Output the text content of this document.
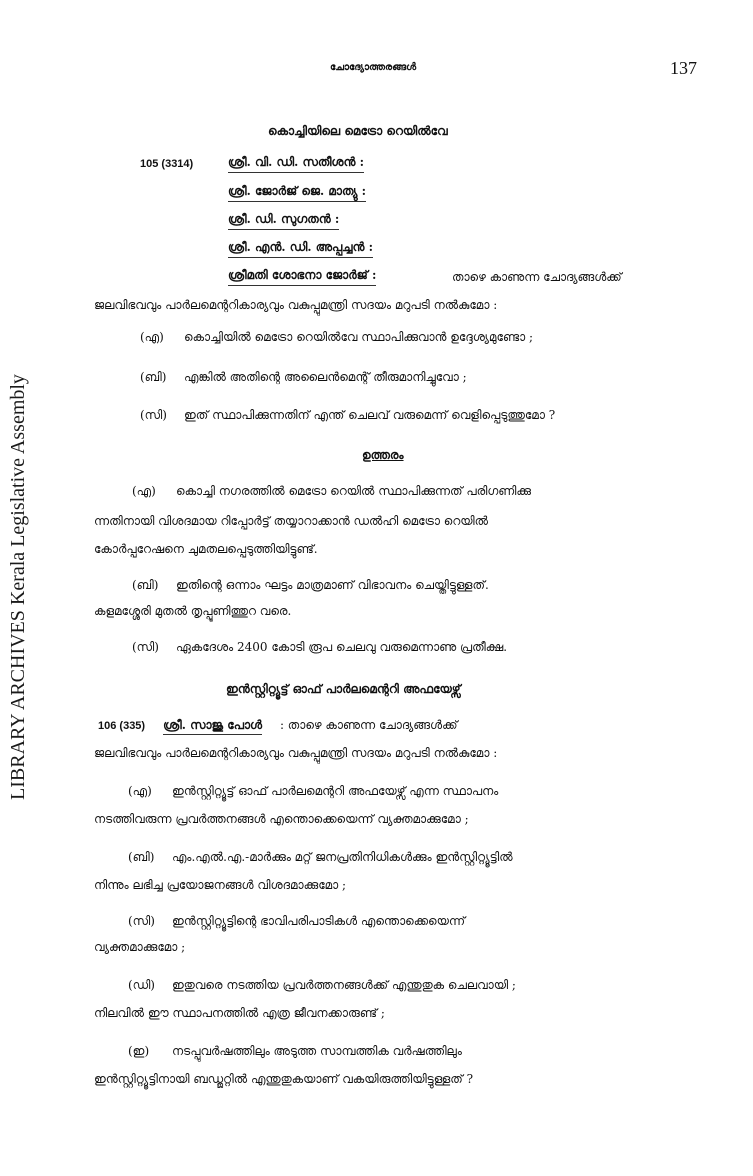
LIBRARY ARCHIVES Kerala Legislative Assembly
ചോദ്യോത്തരങ്ങൾ	137
കൊച്ചിയിലെ മെട്രോ റെയിൽവേ
105 (3314)	ശ്രീ. വി. ഡി. സതീശൻ :
ശ്രീ. ജോർജ് ജെ. മാത്യു :
ശ്രീ. ഡി. സുഗതൻ :
ശ്രീ. എൻ. ഡി. അപ്പച്ചൻ :
ശ്രീമതി ശോഭനാ ജോർജ് :	താഴെ കാണുന്ന ചോദ്യങ്ങൾക്ക്
ജലവിഭവവും പാർലമെന്ററികാര്യവും വകുപ്പുമന്ത്രി സദയം മറുപടി നൽകുമോ :
(എ) കൊച്ചിയിൽ മെട്രോ റെയിൽവേ സ്ഥാപിക്കുവാൻ ഉദ്ദേശ്യമുണ്ടോ ;
(ബി) എങ്കിൽ അതിന്റെ അലൈൻമെന്റ് തീരുമാനിച്ചുവോ ;
(സി) ഇത് സ്ഥാപിക്കുന്നതിന് എന്ത് ചെലവ് വരുമെന്ന് വെളിപ്പെടുത്തുമോ ?
ഉത്തരം
(എ) കൊച്ചി നഗരത്തിൽ മെട്രോ റെയിൽ സ്ഥാപിക്കുന്നത് പരിഗണിക്കു
ന്നതിനായി വിശദമായ റിപ്പോർട്ട് തയ്യാറാക്കാൻ ഡൽഹി മെട്രോ റെയിൽ
കോർപ്പറേഷനെ ചുമതലപ്പെടുത്തിയിട്ടുണ്ട്.
(ബി) ഇതിന്റെ ഒന്നാം ഘട്ടം മാത്രമാണ് വിഭാവനം ചെയ്തിട്ടുള്ളത്.
കളമശ്ശേരി മുതൽ തൃപ്പൂണിത്തുറ വരെ.
(സി) ഏകദേശം 2400 കോടി രൂപ ചെലവു വരുമെന്നാണു പ്രതീക്ഷ.
ഇൻസ്റ്റിറ്റ്യൂട്ട് ഓഫ് പാർലമെന്ററി അഫയേഴ്സ്
106 (335) ശ്രീ. സാജു പോൾ : താഴെ കാണുന്ന ചോദ്യങ്ങൾക്ക്
ജലവിഭവവും പാർലമെന്ററികാര്യവും വകുപ്പുമന്ത്രി സദയം മറുപടി നൽകുമോ :
(എ) ഇൻസ്റ്റിറ്റ്യൂട്ട് ഓഫ് പാർലമെന്ററി അഫയേഴ്സ് എന്ന സ്ഥാപനം
നടത്തിവരുന്ന പ്രവർത്തനങ്ങൾ എന്തൊക്കെയെന്ന് വ്യക്തമാക്കുമോ ;
(ബി) എം.എൽ.എ.-മാർക്കും മറ്റ് ജനപ്രതിനിധികൾക്കും ഇൻസ്റ്റിറ്റ്യൂട്ടിൽ
നിന്നും ലഭിച്ച പ്രയോജനങ്ങൾ വിശദമാക്കുമോ ;
(സി) ഇൻസ്റ്റിറ്റ്യൂട്ടിന്റെ ഭാവിപരിപാടികൾ എന്തൊക്കെയെന്ന്
വ്യക്തമാക്കുമോ ;
(ഡി) ഇതുവരെ നടത്തിയ പ്രവർത്തനങ്ങൾക്ക് എന്തുതുക ചെലവായി ;
നിലവിൽ ഈ സ്ഥാപനത്തിൽ എത്ര ജീവനക്കാരുണ്ട് ;
(ഇ) നടപ്പുവർഷത്തിലും അടുത്ത സാമ്പത്തിക വർഷത്തിലും
ഇൻസ്റ്റിറ്റ്യൂട്ടിനായി ബഡ്ജറ്റിൽ എന്തുതുകയാണ് വകയിരുത്തിയിട്ടുള്ളത് ?
